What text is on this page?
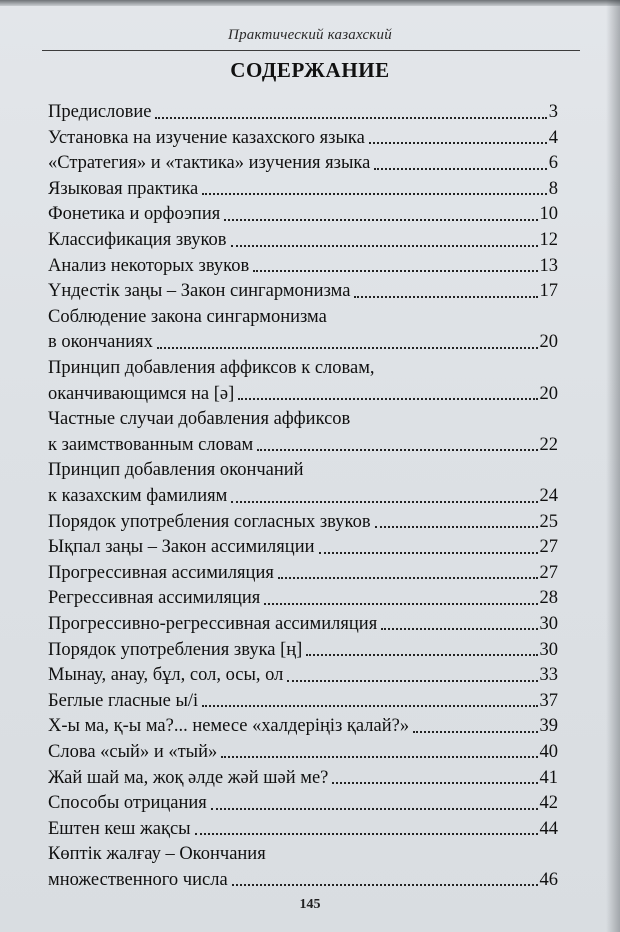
Практический казахский
СОДЕРЖАНИЕ
Предисловие	3
Установка на изучение казахского языка	4
«Стратегия» и «тактика» изучения языка	6
Языковая практика	8
Фонетика и орфоэпия	10
Классификация звуков	12
Анализ некоторых звуков	13
Үндестік заңы – Закон сингармонизма	17
Соблюдение закона сингармонизма
в окончаниях	20
Принцип добавления аффиксов к словам,
оканчивающимся на [ə]	20
Частные случаи добавления аффиксов
к заимствованным словам	22
Принцип добавления окончаний
к казахским фамилиям	24
Порядок употребления согласных звуков	25
Ықпал заңы – Закон ассимиляции	27
Прогрессивная ассимиляция	27
Регрессивная ассимиляция	28
Прогрессивно-регрессивная ассимиляция	30
Порядок употребления звука [ң]	30
Мынау, анау, бұл, сол, осы, ол	33
Беглые гласные ы/і	37
Х-ы ма, қ-ы ма?... немесе «халдеріңіз қалай?»	39
Слова «сый» и «тый»	40
Жай шай ма, жоқ әлде жәй шәй ме?	41
Способы отрицания	42
Ештен кеш жақсы	44
Көптік жалғау – Окончания
множественного числа	46
145
